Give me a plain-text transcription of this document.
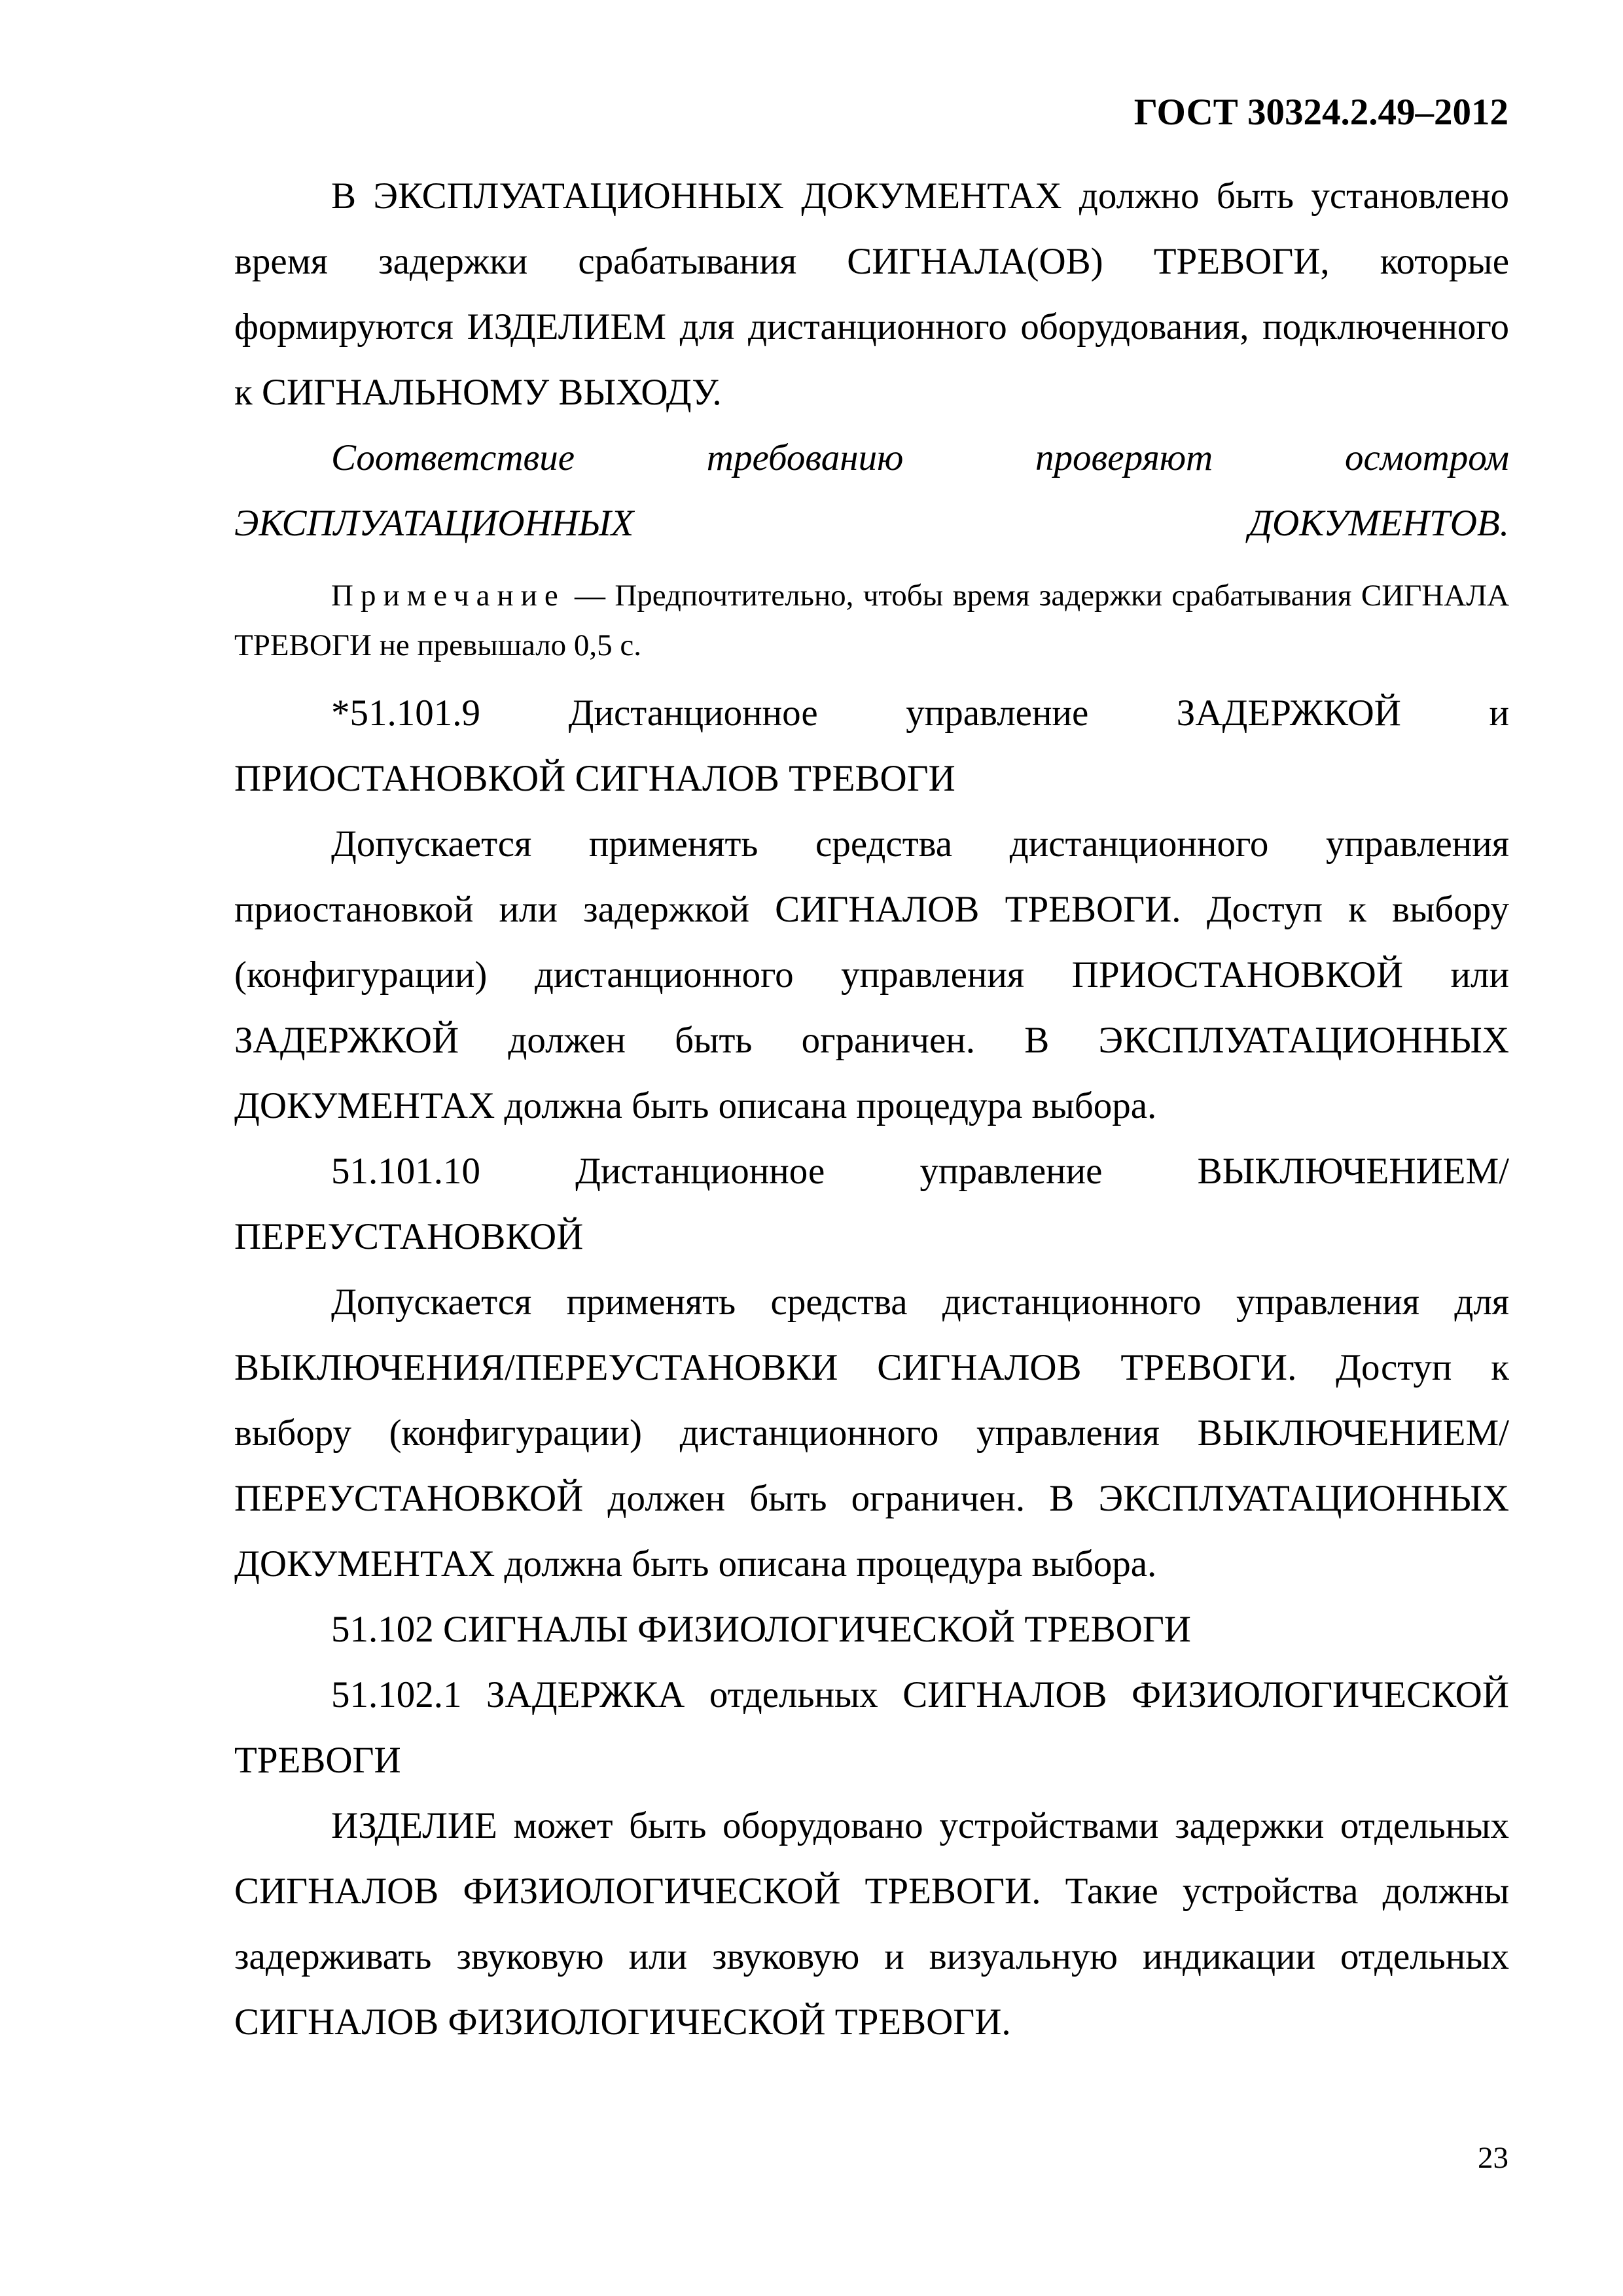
ГОСТ 30324.2.49–2012

В ЭКСПЛУАТАЦИОННЫХ ДОКУМЕНТАХ должно быть установлено время задержки срабатывания СИГНАЛА(ОВ) ТРЕВОГИ, которые формируются ИЗДЕЛИЕМ для дистанционного оборудования, подключенного к СИГНАЛЬНОМУ ВЫХОДУ.

Соответствие требованию проверяют осмотром ЭКСПЛУАТАЦИОННЫХ ДОКУМЕНТОВ.

Примечание — Предпочтительно, чтобы время задержки срабатывания СИГНАЛА ТРЕВОГИ не превышало 0,5 с.

*51.101.9 Дистанционное управление ЗАДЕРЖКОЙ и ПРИОСТАНОВКОЙ СИГНАЛОВ ТРЕВОГИ

Допускается применять средства дистанционного управления приостановкой или задержкой СИГНАЛОВ ТРЕВОГИ. Доступ к выбору (конфигурации) дистанционного управления ПРИОСТАНОВКОЙ или ЗАДЕРЖКОЙ должен быть ограничен. В ЭКСПЛУАТАЦИОННЫХ ДОКУМЕНТАХ должна быть описана процедура выбора.

51.101.10 Дистанционное управление ВЫКЛЮЧЕНИЕМ/ПЕРЕУСТАНОВКОЙ

Допускается применять средства дистанционного управления для ВЫКЛЮЧЕНИЯ/ПЕРЕУСТАНОВКИ СИГНАЛОВ ТРЕВОГИ. Доступ к выбору (конфигурации) дистанционного управления ВЫКЛЮЧЕНИЕМ/ПЕРЕУСТАНОВКОЙ должен быть ограничен. В ЭКСПЛУАТАЦИОННЫХ ДОКУМЕНТАХ должна быть описана процедура выбора.

51.102 СИГНАЛЫ ФИЗИОЛОГИЧЕСКОЙ ТРЕВОГИ

51.102.1 ЗАДЕРЖКА отдельных СИГНАЛОВ ФИЗИОЛОГИЧЕСКОЙ ТРЕВОГИ

ИЗДЕЛИЕ может быть оборудовано устройствами задержки отдельных СИГНАЛОВ ФИЗИОЛОГИЧЕСКОЙ ТРЕВОГИ. Такие устройства должны задерживать звуковую или звуковую и визуальную индикации отдельных СИГНАЛОВ ФИЗИОЛОГИЧЕСКОЙ ТРЕВОГИ.

23
